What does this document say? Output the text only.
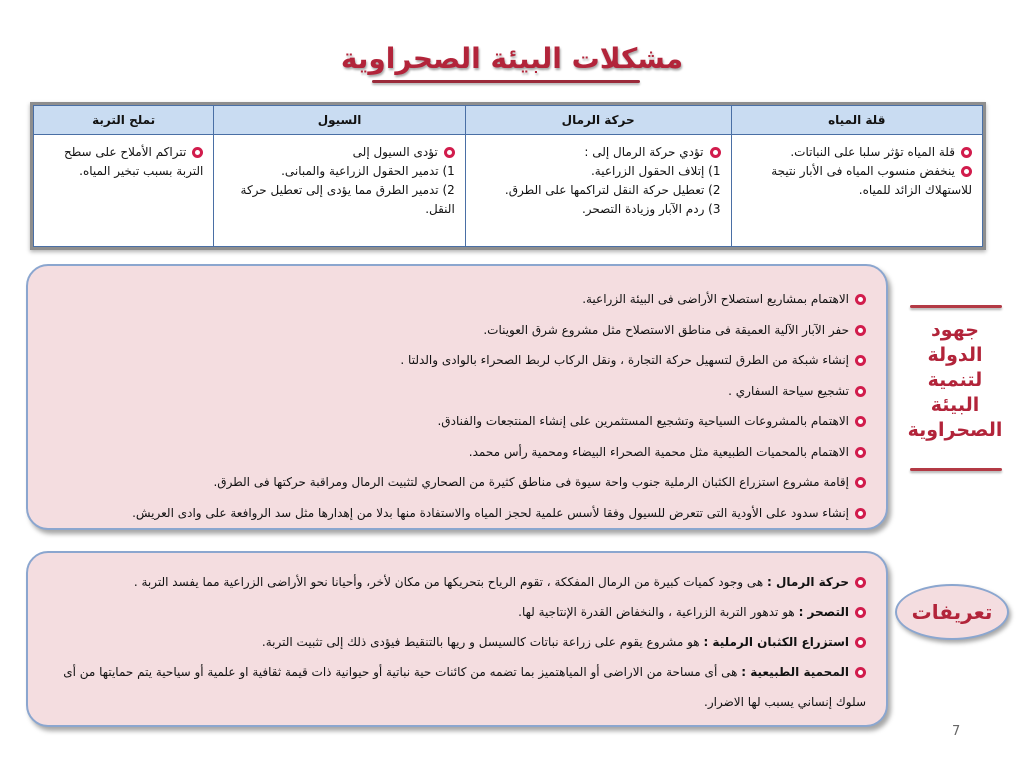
مشكلات البيئة الصحراوية
قلة المياه	حركة الرمال	السيول	تملح التربة

قلة المياه تؤثر سلبا على النباتات.
ينخفض منسوب المياه فى الأبار نتيجة للاستهلاك الزائد للمياه.	تؤدي حركة الرمال إلى :
1) إتلاف الحقول الزراعية.
2) تعطيل حركة النقل لتراكمها على الطرق.
3) ردم الآبار وزيادة التصحر.	تؤدى السيول إلى
1) تدمير الحقول الزراعية والمبانى.
2) تدمير الطرق مما يؤدى إلى تعطيل حركة النقل.	تتراكم الأملاح على سطح التربة بسبب تبخير المياه.
الاهتمام بمشاريع استصلاح الأراضى فى البيئة الزراعية.
حفر الآبار الآلية العميقة فى مناطق الاستصلاح مثل مشروع شرق العوينات.
إنشاء شبكة من الطرق لتسهيل حركة التجارة ، ونقل الركاب لربط الصحراء بالوادى والدلتا .
تشجيع سياحة السفاري .
الاهتمام بالمشروعات السياحية وتشجيع المستثمرين على إنشاء المنتجعات والفنادق.
الاهتمام بالمحميات الطبيعية مثل محمية الصحراء البيضاء ومحمية رأس محمد.
إقامة مشروع استزراع الكثبان الرملية جنوب واحة سيوة فى مناطق كثيرة من الصحاري لتثبيت الرمال ومراقبة حركتها فى الطرق.
إنشاء سدود على الأودية التى تتعرض للسيول وفقا لأسس علمية لحجز المياه والاستفادة منها بدلا من إهدارها مثل سد الروافعة على وادى العريش.
جهود الدولة لتنمية البيئة الصحراوية
حركة الرمال : هى وجود كميات كبيرة من الرمال المفككة ، تقوم الرياح بتحريكها من مكان لأخر، وأحيانا نحو الأراضى الزراعية مما يفسد التربة .
التصحر : هو تدهور التربة الزراعية ، والنخفاض القدرة الإنتاجية لها.
استزراع الكثبان الرملية : هو مشروع يقوم على زراعة نباتات كالسيسل و ريها بالتنقيط فيؤدى ذلك إلى تثبيت التربة.
المحمية الطبيعية : هى أى مساحة من الاراضى أو المياهتميز بما تضمه من كائنات حية نباتية أو حيوانية ذات قيمة ثقافية او علمية أو سياحية يتم حمايتها من أى سلوك إنساني يسبب لها الاضرار.
تعريفات
7
